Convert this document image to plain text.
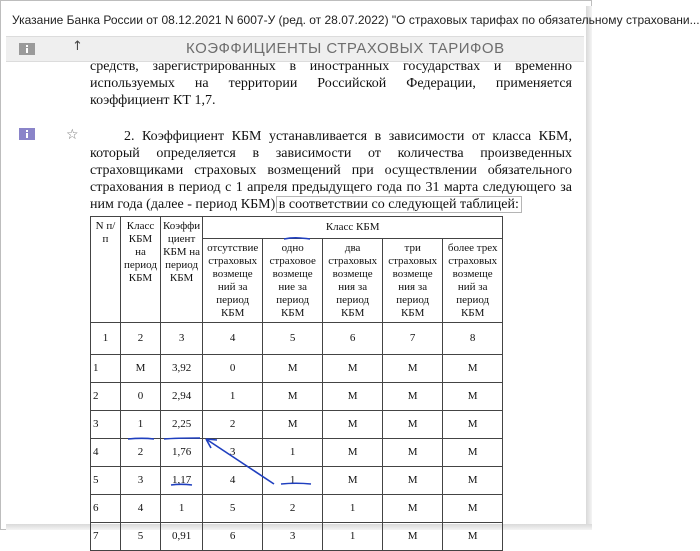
Указание Банка России от 08.12.2021 N 6007-У (ред. от 28.07.2022) "О страховых тарифах по обязательному страховани...
↑	КОЭФФИЦИЕНТЫ СТРАХОВЫХ ТАРИФОВ
средств, зарегистрированных в иностранных государствах и временно используемых на территории Российской Федерации, применяется коэффициент КТ 1,7.
☆	2. Коэффициент КБМ устанавливается в зависимости от класса КБМ, который определяется в зависимости от количества произведенных страховщиками страховых возмещений при осуществлении обязательного страхования в период с 1 апреля предыдущего года по 31 марта следующего за ним года (далее - период КБМ) в соответствии со следующей таблицей:
N п/п	Класс КБМ на период КБМ	Коэффи циент КБМ на период КБМ	Класс КБМ				
			отсутствие страховых возмеще ний за период КБМ	одно страховое возмеще ние за период КБМ	два страховых возмеще ния за период КБМ	три страховых возмеще ния за период КБМ	более трех страховых возмеще ний за период КБМ
1	2	3	4	5	6	7	8
1	М	3,92	0	М	М	М	М
2	0	2,94	1	М	М	М	М
3	1	2,25	2	М	М	М	М
4	2	1,76	3	1	М	М	М
5	3	1,17	4	1	М	М	М
6	4	1	5	2	1	М	М
7	5	0,91	6	3	1	М	М
